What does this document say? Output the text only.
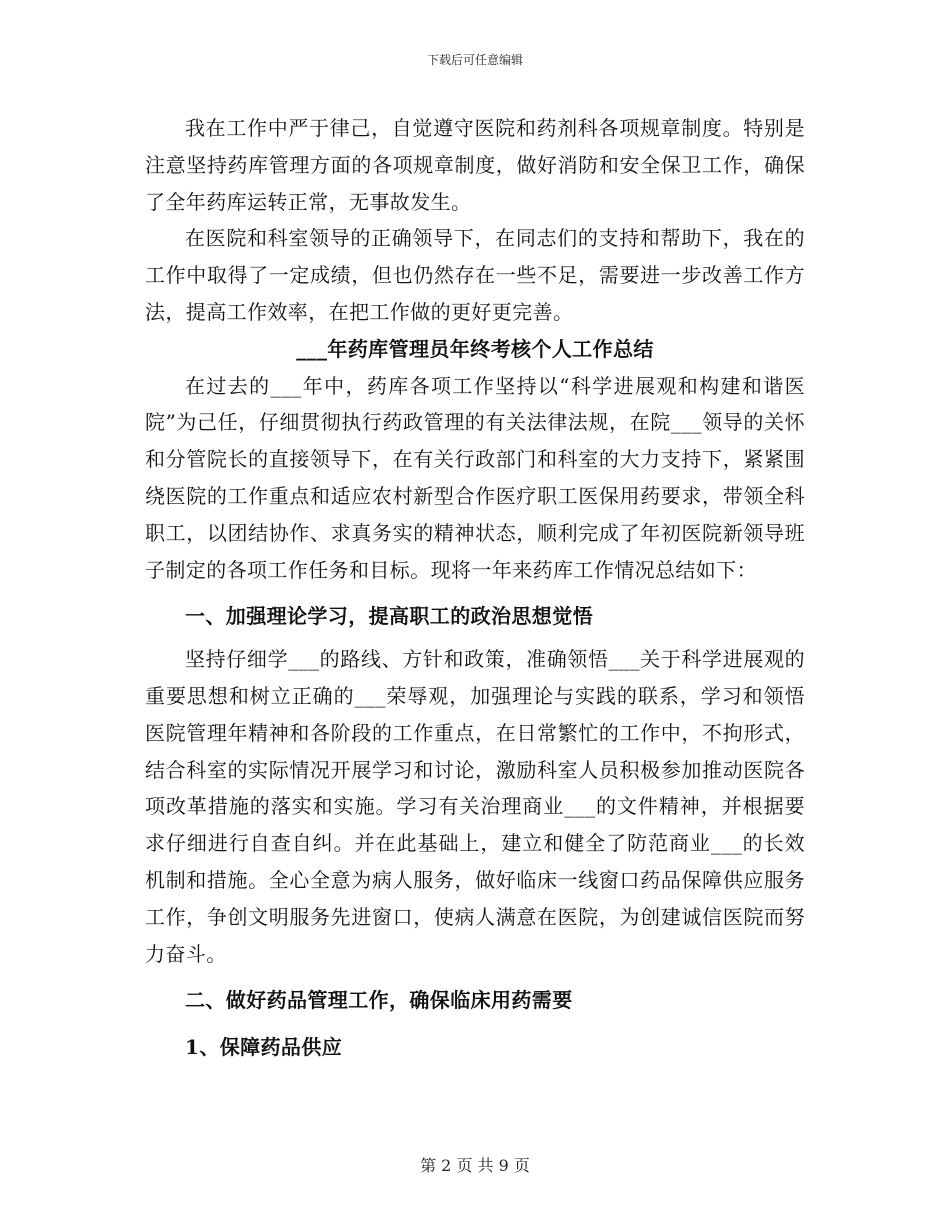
下载后可任意编辑

我在工作中严于律己，自觉遵守医院和药剂科各项规章制度。特别是注意坚持药库管理方面的各项规章制度，做好消防和安全保卫工作，确保了全年药库运转正常，无事故发生。

在医院和科室领导的正确领导下，在同志们的支持和帮助下，我在的工作中取得了一定成绩，但也仍然存在一些不足，需要进一步改善工作方法，提高工作效率，在把工作做的更好更完善。

___年药库管理员年终考核个人工作总结

在过去的___年中，药库各项工作坚持以“科学进展观和构建和谐医院”为己任，仔细贯彻执行药政管理的有关法律法规，在院___领导的关怀和分管院长的直接领导下，在有关行政部门和科室的大力支持下，紧紧围绕医院的工作重点和适应农村新型合作医疗职工医保用药要求，带领全科职工，以团结协作、求真务实的精神状态，顺利完成了年初医院新领导班子制定的各项工作任务和目标。现将一年来药库工作情况总结如下：

一、加强理论学习，提高职工的政治思想觉悟

坚持仔细学___的路线、方针和政策，准确领悟___关于科学进展观的重要思想和树立正确的___荣辱观，加强理论与实践的联系，学习和领悟医院管理年精神和各阶段的工作重点，在日常繁忙的工作中，不拘形式，结合科室的实际情况开展学习和讨论，激励科室人员积极参加推动医院各项改革措施的落实和实施。学习有关治理商业___的文件精神，并根据要求仔细进行自查自纠。并在此基础上，建立和健全了防范商业___的长效机制和措施。全心全意为病人服务，做好临床一线窗口药品保障供应服务工作，争创文明服务先进窗口，使病人满意在医院，为创建诚信医院而努力奋斗。

二、做好药品管理工作，确保临床用药需要

1、保障药品供应

第 2 页 共 9 页
